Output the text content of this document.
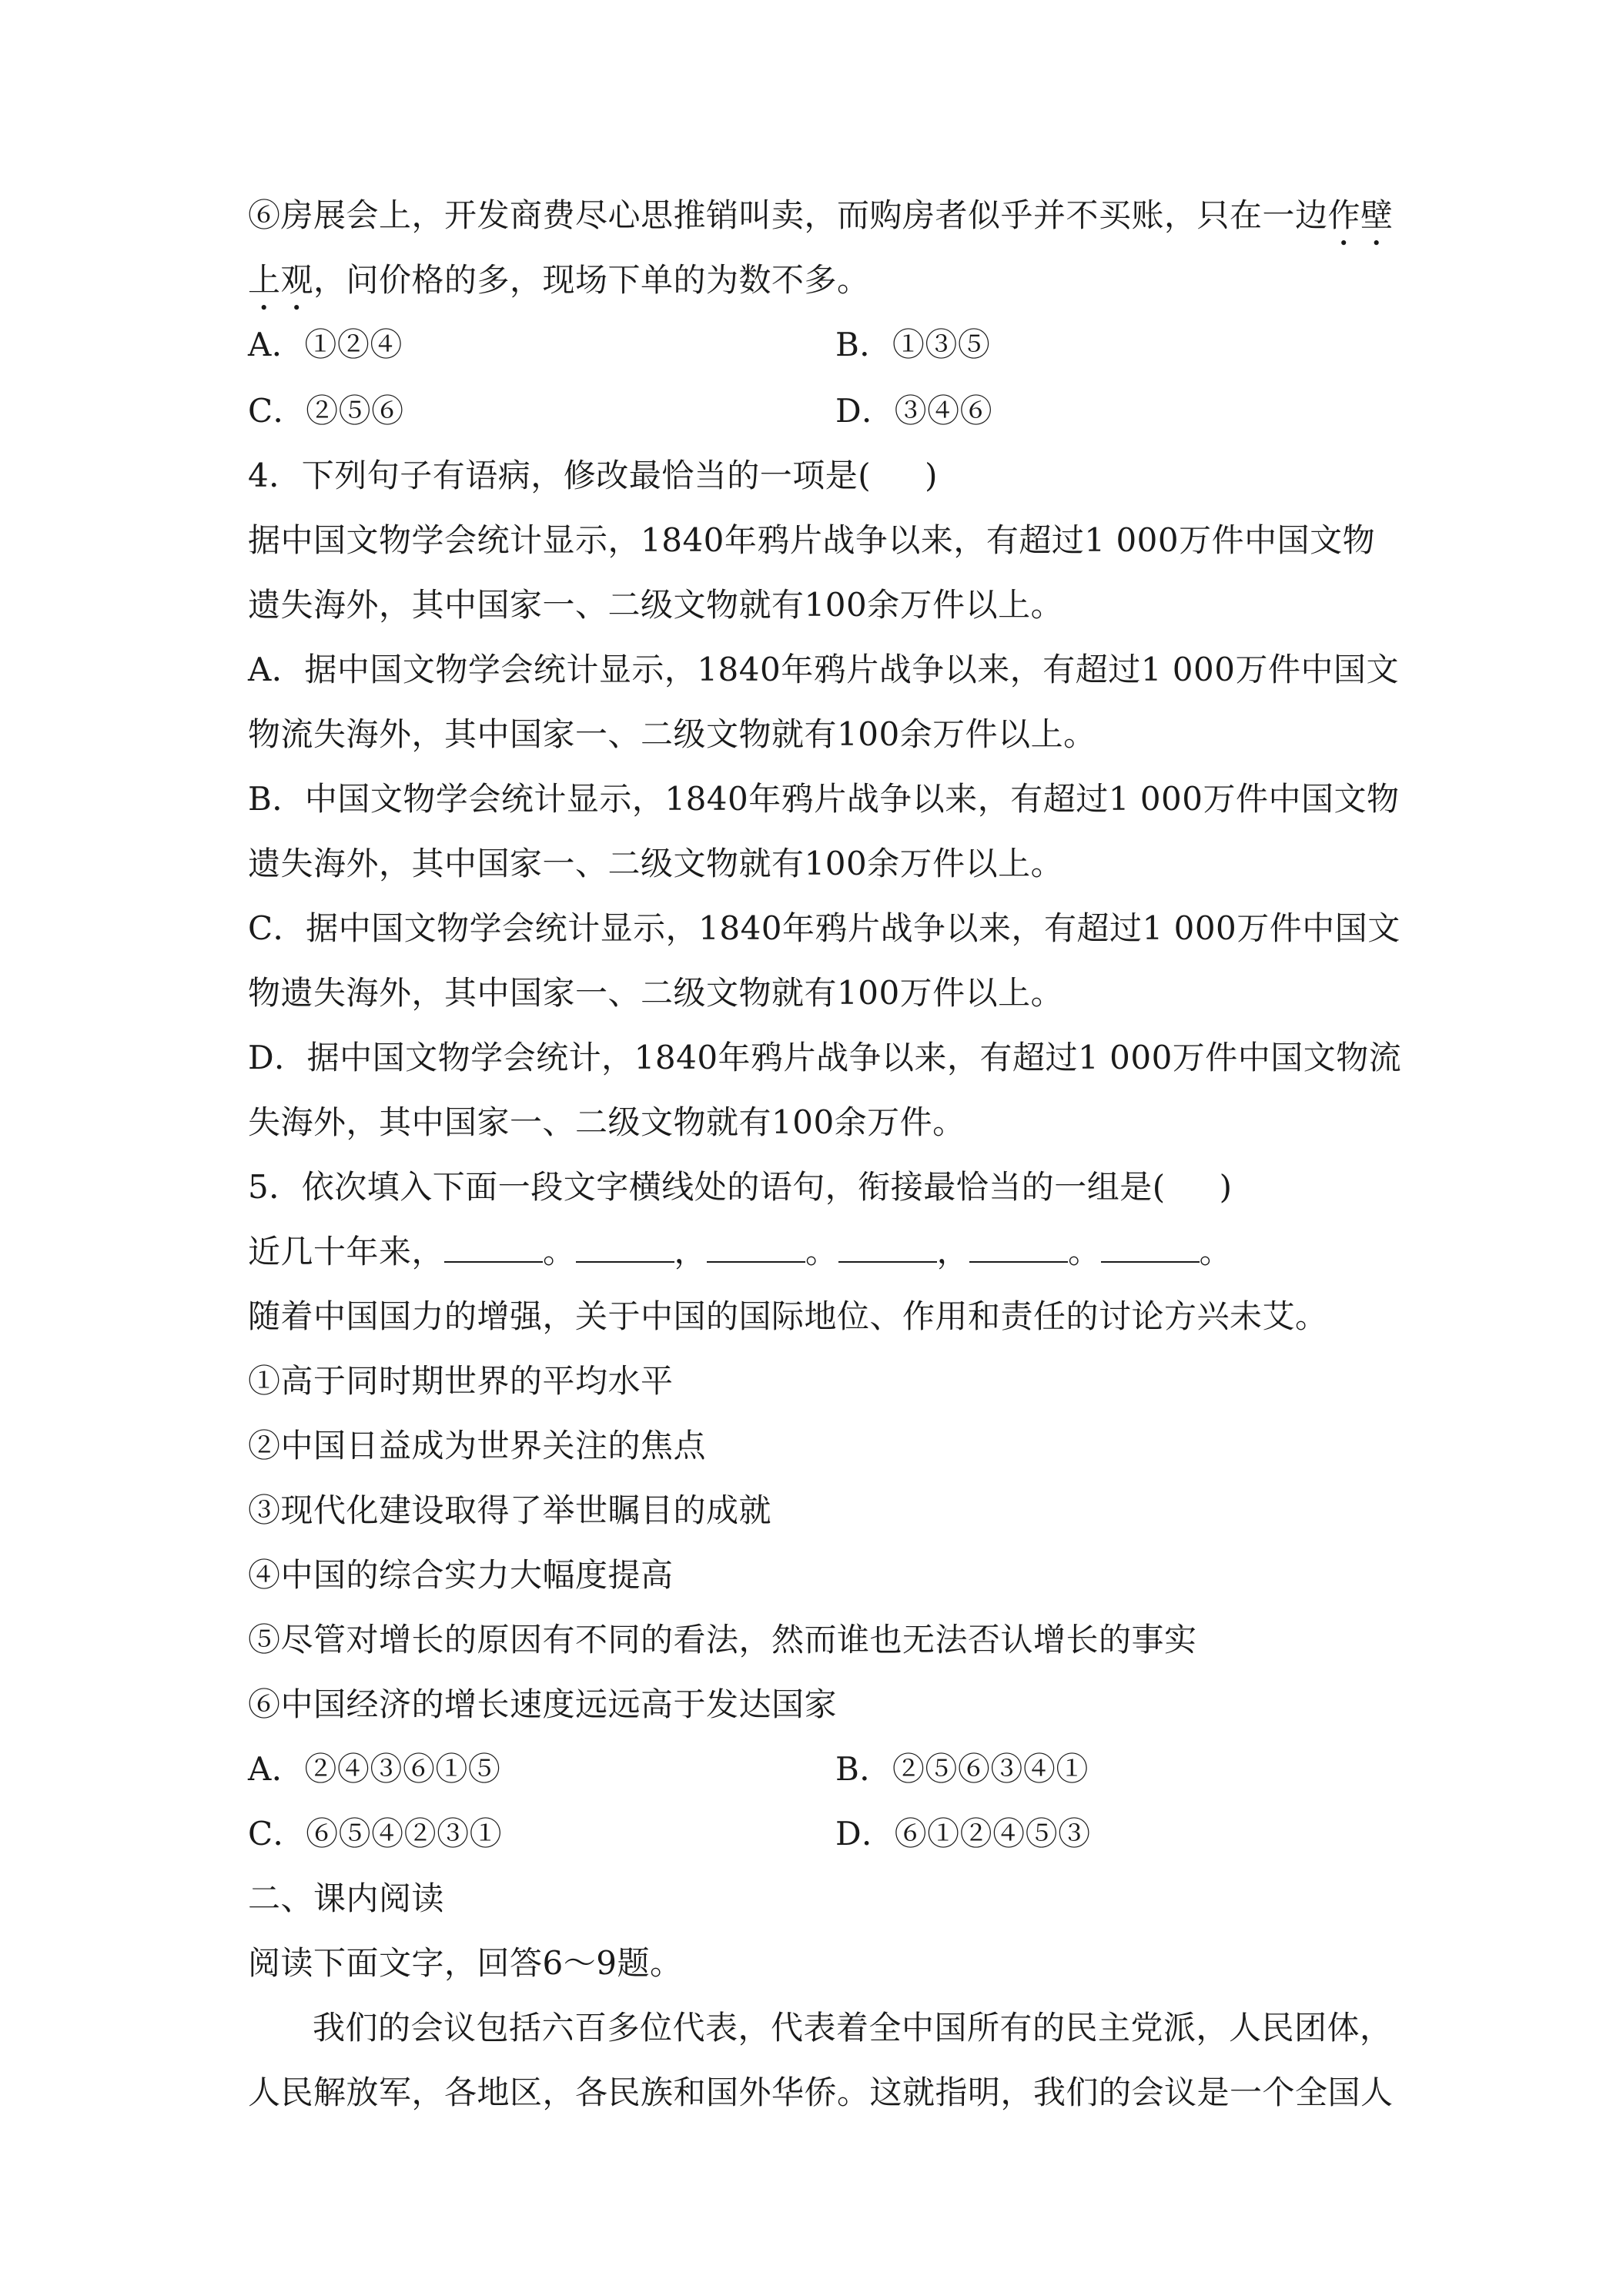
⑥房展会上，开发商费尽心思推销叫卖，而购房者似乎并不买账，只在一边作壁
上观，问价格的多，现场下单的为数不多。
A．①②④	B．①③⑤
C．②⑤⑥	D．③④⑥
4．下列句子有语病，修改最恰当的一项是( )
据中国文物学会统计显示，1840年鸦片战争以来，有超过1 000万件中国文物
遗失海外，其中国家一、二级文物就有100余万件以上。
A．据中国文物学会统计显示，1840年鸦片战争以来，有超过1 000万件中国文
物流失海外，其中国家一、二级文物就有100余万件以上。
B．中国文物学会统计显示，1840年鸦片战争以来，有超过1 000万件中国文物
遗失海外，其中国家一、二级文物就有100余万件以上。
C．据中国文物学会统计显示，1840年鸦片战争以来，有超过1 000万件中国文
物遗失海外，其中国家一、二级文物就有100万件以上。
D．据中国文物学会统计，1840年鸦片战争以来，有超过1 000万件中国文物流
失海外，其中国家一、二级文物就有100余万件。
5．依次填入下面一段文字横线处的语句，衔接最恰当的一组是( )
近几十年来，	。	，	。	，	。	。
随着中国国力的增强，关于中国的国际地位、作用和责任的讨论方兴未艾。
①高于同时期世界的平均水平
②中国日益成为世界关注的焦点
③现代化建设取得了举世瞩目的成就
④中国的综合实力大幅度提高
⑤尽管对增长的原因有不同的看法，然而谁也无法否认增长的事实
⑥中国经济的增长速度远远高于发达国家
A．②④③⑥①⑤	B．②⑤⑥③④①
C．⑥⑤④②③①	D．⑥①②④⑤③
二、课内阅读
阅读下面文字，回答6～9题。
我们的会议包括六百多位代表，代表着全中国所有的民主党派，人民团体，
人民解放军，各地区，各民族和国外华侨。这就指明，我们的会议是一个全国人
